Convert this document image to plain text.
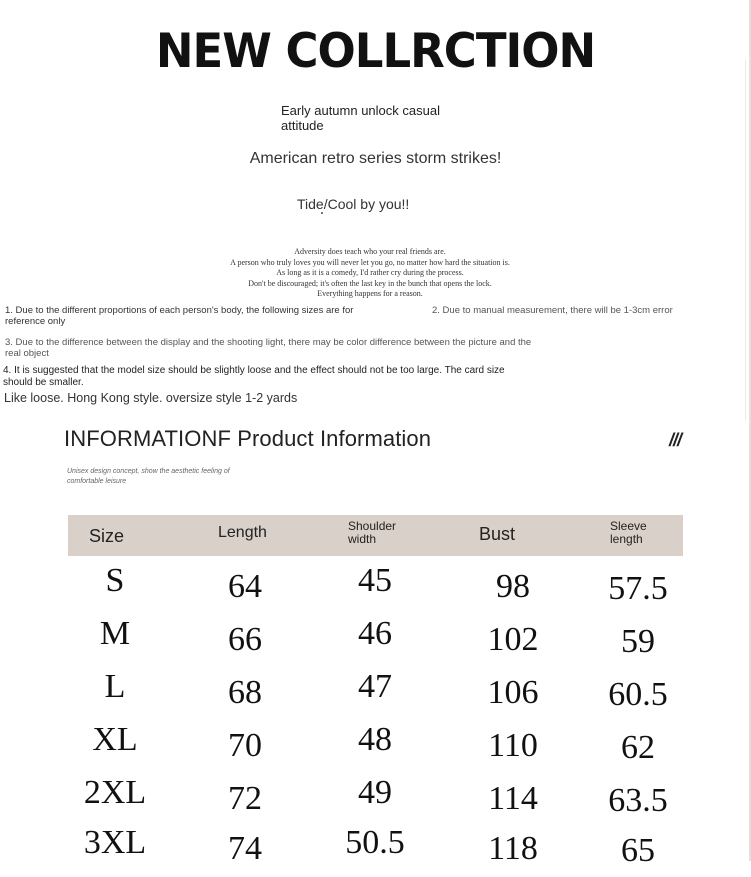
NEW COLLRCTION
Early autumn unlock casual attitude
American retro series storm strikes!
Tide/Cool by you!!
Adversity does teach who your real friends are.
A person who truly loves you will never let you go, no matter how hard the situation is.
As long as it is a comedy, I'd rather cry during the process.
Don't be discouraged; it's often the last key in the bunch that opens the lock.
Everything happens for a reason.
1. Due to the different proportions of each person's body, the following sizes are for reference only
2. Due to manual measurement, there will be 1-3cm error
3. Due to the difference between the display and the shooting light, there may be color difference between the picture and the real object
4. It is suggested that the model size should be slightly loose and the effect should not be too large. The card size should be smaller.
Like loose. Hong Kong style. oversize style 1-2 yards
INFORMATIONF Product Information	///
Unisex design concept, show the aesthetic feeling of comfortable leisure
Size	Length	Shoulder width	Bust	Sleeve length
S	64	45	98	57.5
M	66	46	102	59
L	68	47	106	60.5
XL	70	48	110	62
2XL	72	49	114	63.5
3XL	74	50.5	118	65
